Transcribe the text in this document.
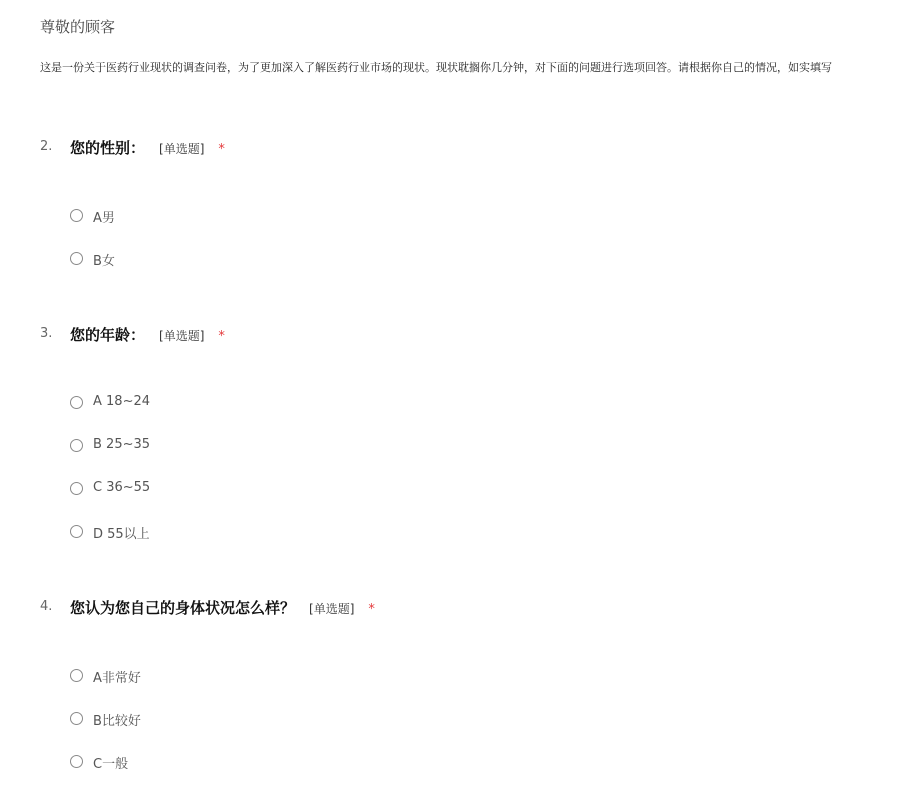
尊敬的顾客
这是一份关于医药行业现状的调查问卷，为了更加深入了解医药行业市场的现状。现状耽搁你几分钟，对下面的问题进行选项回答。请根据你自己的情况，如实填写
2. 您的性别： [单选题] *
A男
B女
3. 您的年龄： [单选题] *
A 18~24
B 25~35
C 36~55
D 55以上
4. 您认为您自己的身体状况怎么样？ [单选题] *
A非常好
B比较好
C一般
